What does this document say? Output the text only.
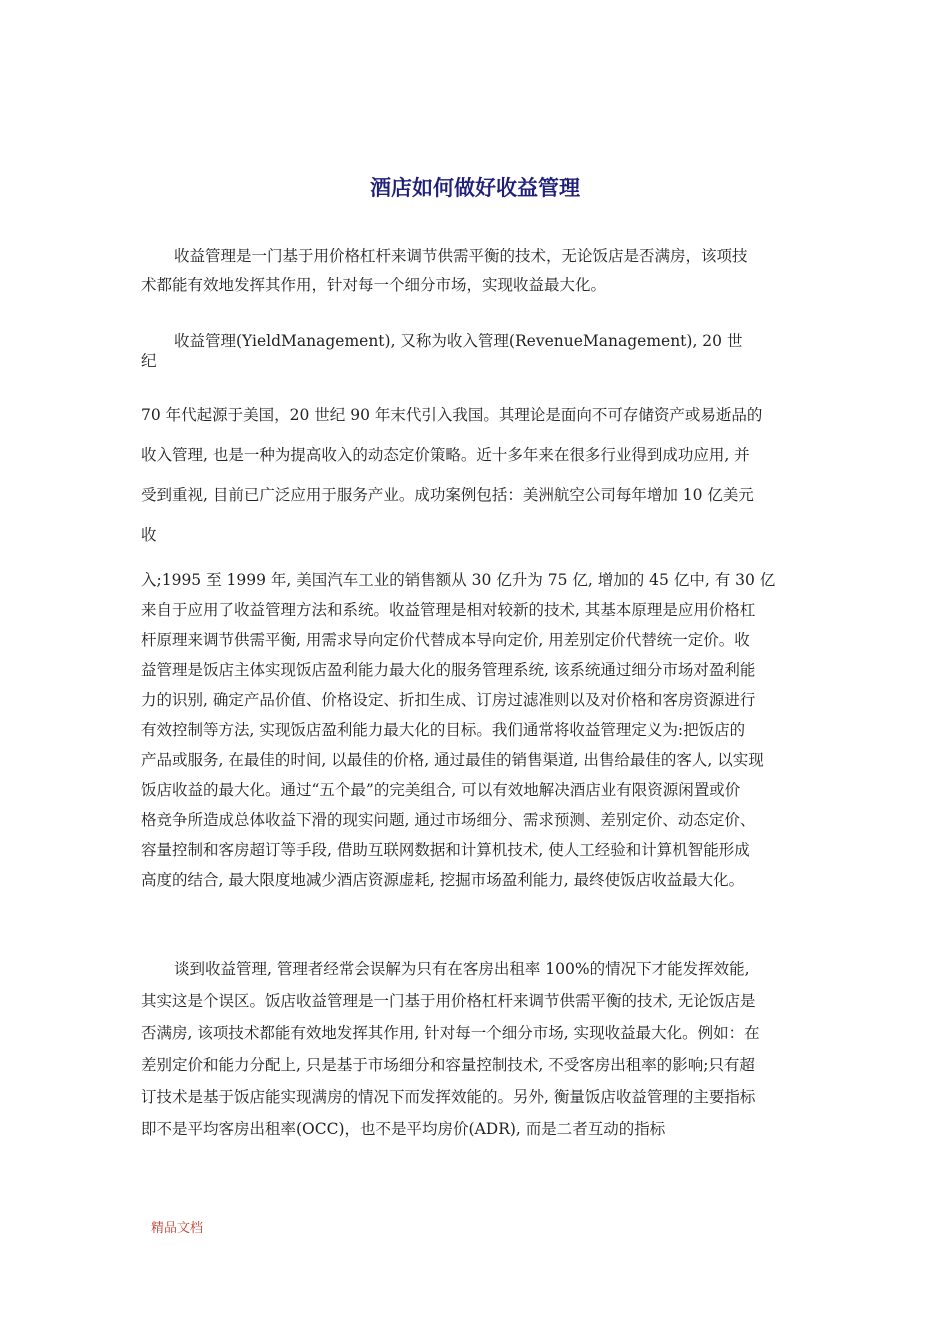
酒店如何做好收益管理

收益管理是一门基于用价格杠杆来调节供需平衡的技术，无论饭店是否满房，该项技
术都能有效地发挥其作用，针对每一个细分市场，实现收益最大化。

收益管理(YieldManagement), 又称为收入管理(RevenueManagement), 20 世
纪

70 年代起源于美国，20 世纪 90 年末代引入我国。其理论是面向不可存储资产或易逝品的
收入管理, 也是一种为提高收入的动态定价策略。近十多年来在很多行业得到成功应用, 并
受到重视, 目前已广泛应用于服务产业。成功案例包括：美洲航空公司每年增加 10 亿美元
收

入;1995 至 1999 年, 美国汽车工业的销售额从 30 亿升为 75 亿, 增加的 45 亿中, 有 30 亿
来自于应用了收益管理方法和系统。收益管理是相对较新的技术, 其基本原理是应用价格杠
杆原理来调节供需平衡, 用需求导向定价代替成本导向定价, 用差别定价代替统一定价。收
益管理是饭店主体实现饭店盈利能力最大化的服务管理系统, 该系统通过细分市场对盈利能
力的识别, 确定产品价值、价格设定、折扣生成、订房过滤准则以及对价格和客房资源进行
有效控制等方法, 实现饭店盈利能力最大化的目标。我们通常将收益管理定义为:把饭店的
产品或服务, 在最佳的时间, 以最佳的价格, 通过最佳的销售渠道, 出售给最佳的客人, 以实现
饭店收益的最大化。通过“五个最”的完美组合, 可以有效地解决酒店业有限资源闲置或价
格竞争所造成总体收益下滑的现实问题, 通过市场细分、需求预测、差别定价、动态定价、
容量控制和客房超订等手段, 借助互联网数据和计算机技术, 使人工经验和计算机智能形成
高度的结合, 最大限度地减少酒店资源虚耗, 挖掘市场盈利能力, 最终使饭店收益最大化。

谈到收益管理, 管理者经常会误解为只有在客房出租率 100%的情况下才能发挥效能,
其实这是个误区。饭店收益管理是一门基于用价格杠杆来调节供需平衡的技术, 无论饭店是
否满房, 该项技术都能有效地发挥其作用, 针对每一个细分市场, 实现收益最大化。例如：在
差别定价和能力分配上, 只是基于市场细分和容量控制技术, 不受客房出租率的影响;只有超
订技术是基于饭店能实现满房的情况下而发挥效能的。另外, 衡量饭店收益管理的主要指标
即不是平均客房出租率(OCC)，也不是平均房价(ADR), 而是二者互动的指标

精品文档
